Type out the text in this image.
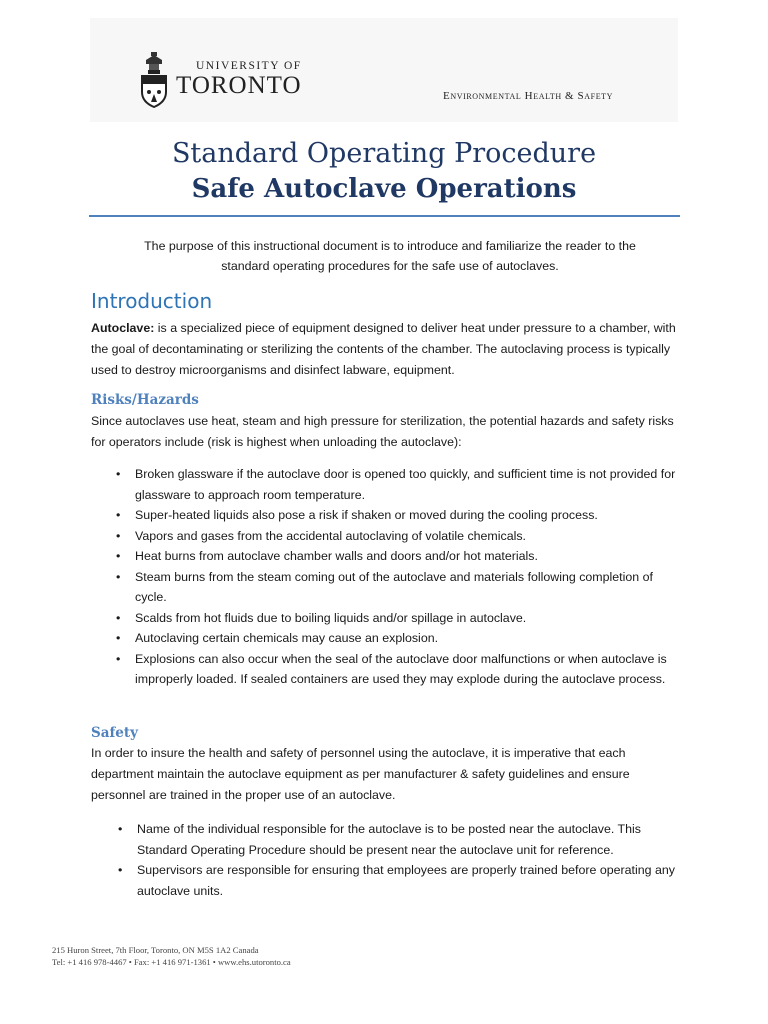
UNIVERSITY OF
TORONTO	Environmental Health & Safety
Standard Operating Procedure
Safe Autoclave Operations
The purpose of this instructional document is to introduce and familiarize the reader to the standard operating procedures for the safe use of autoclaves.
Introduction
Autoclave: is a specialized piece of equipment designed to deliver heat under pressure to a chamber, with the goal of decontaminating or sterilizing the contents of the chamber. The autoclaving process is typically used to destroy microorganisms and disinfect labware, equipment.
Risks/Hazards
Since autoclaves use heat, steam and high pressure for sterilization, the potential hazards and safety risks for operators include (risk is highest when unloading the autoclave):
• Broken glassware if the autoclave door is opened too quickly, and sufficient time is not provided for glassware to approach room temperature.
• Super-heated liquids also pose a risk if shaken or moved during the cooling process.
• Vapors and gases from the accidental autoclaving of volatile chemicals.
• Heat burns from autoclave chamber walls and doors and/or hot materials.
• Steam burns from the steam coming out of the autoclave and materials following completion of cycle.
• Scalds from hot fluids due to boiling liquids and/or spillage in autoclave.
• Autoclaving certain chemicals may cause an explosion.
• Explosions can also occur when the seal of the autoclave door malfunctions or when autoclave is improperly loaded. If sealed containers are used they may explode during the autoclave process.
Safety
In order to insure the health and safety of personnel using the autoclave, it is imperative that each department maintain the autoclave equipment as per manufacturer & safety guidelines and ensure personnel are trained in the proper use of an autoclave.
• Name of the individual responsible for the autoclave is to be posted near the autoclave. This Standard Operating Procedure should be present near the autoclave unit for reference.
• Supervisors are responsible for ensuring that employees are properly trained before operating any autoclave units.
215 Huron Street, 7th Floor, Toronto, ON M5S 1A2 Canada
Tel: +1 416 978-4467 • Fax: +1 416 971-1361 • www.ehs.utoronto.ca
